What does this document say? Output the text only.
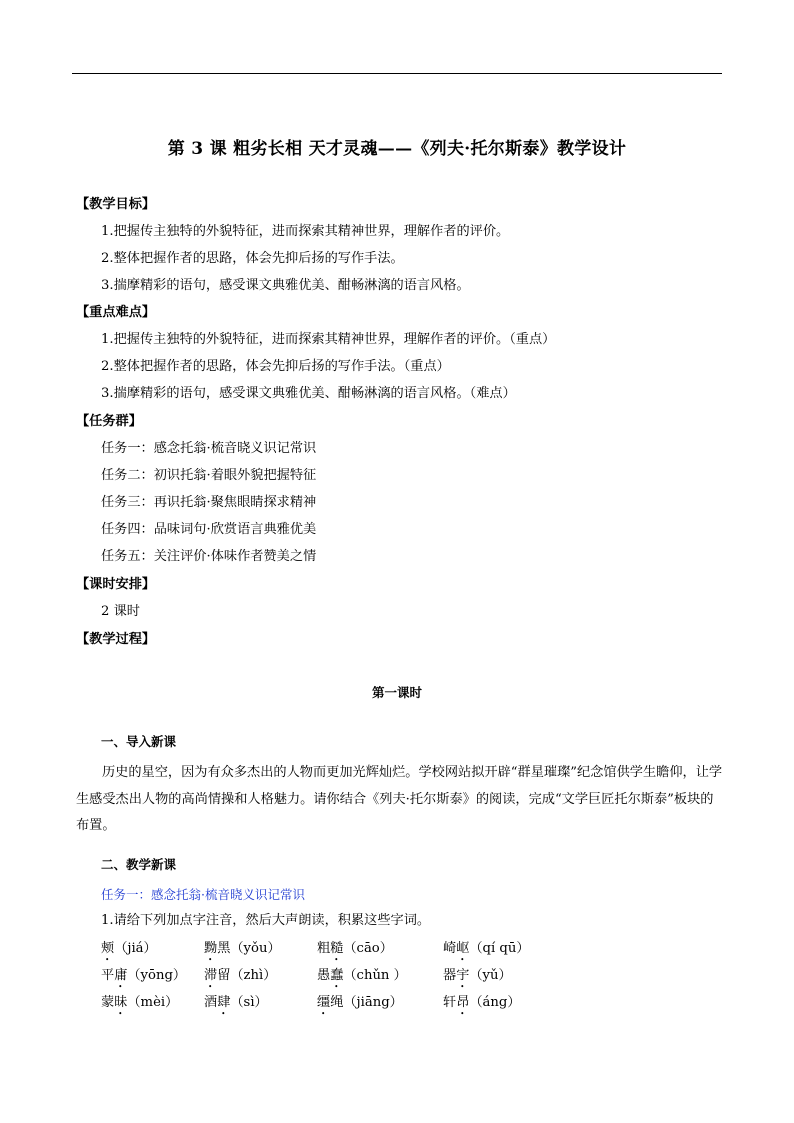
第 3 课 粗劣长相 天才灵魂——《列夫·托尔斯泰》教学设计
【教学目标】
1.把握传主独特的外貌特征，进而探索其精神世界，理解作者的评价。
2.整体把握作者的思路，体会先抑后扬的写作手法。
3.揣摩精彩的语句，感受课文典雅优美、酣畅淋漓的语言风格。
【重点难点】
1.把握传主独特的外貌特征，进而探索其精神世界，理解作者的评价。（重点）
2.整体把握作者的思路，体会先抑后扬的写作手法。（重点）
3.揣摩精彩的语句，感受课文典雅优美、酣畅淋漓的语言风格。（难点）
【任务群】
任务一：感念托翁·梳音晓义识记常识
任务二：初识托翁·着眼外貌把握特征
任务三：再识托翁·聚焦眼睛探求精神
任务四：品味词句·欣赏语言典雅优美
任务五：关注评价·体味作者赞美之情
【课时安排】
2 课时
【教学过程】
第一课时
一、导入新课
历史的星空，因为有众多杰出的人物而更加光辉灿烂。学校网站拟开辟“群星璀璨”纪念馆供学生瞻仰，让学生感受杰出人物的高尚情操和人格魅力。请你结合《列夫·托尔斯泰》的阅读，完成“文学巨匠托尔斯泰”板块的布置。
二、教学新课
任务一：感念托翁·梳音晓义识记常识
1.请给下列加点字注音，然后大声朗读，积累这些字词。
颊（jiá）	黝黑（yǒu）	粗糙（cāo）	崎岖（qí qū）
平庸（yōng） 滞留（zhì）	愚蠢（chǔn ）	器宇（yǔ）
蒙昧（mèi） 酒肆（sì）	缰绳（jiāng）	轩昂（áng）
